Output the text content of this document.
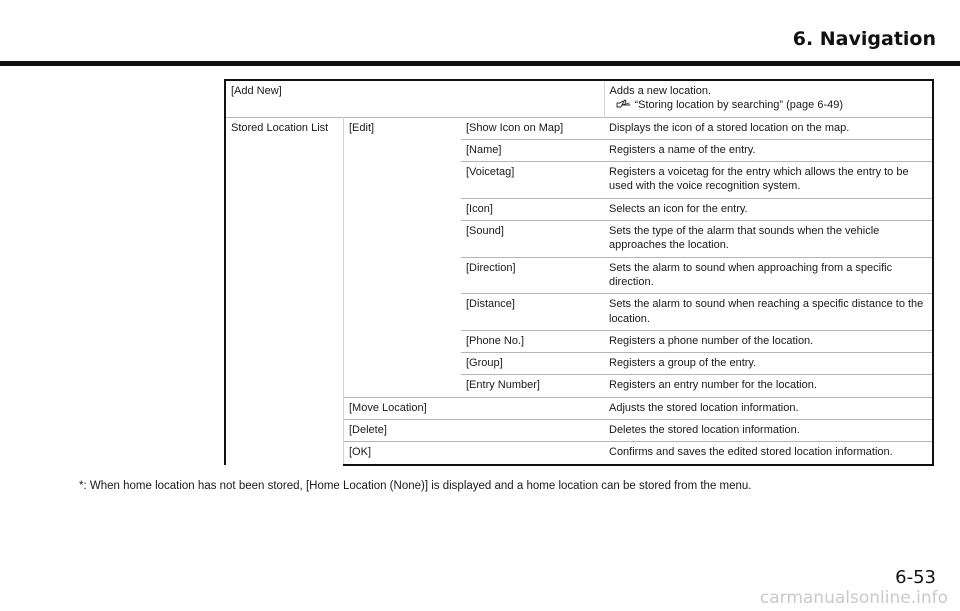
6. Navigation
[Add New]			Adds a new location.
“Storing location by searching” (page 6-49)

Stored Location List	[Edit]	[Show Icon on Map]	Displays the icon of a stored location on the map.
		[Name]	Registers a name of the entry.
		[Voicetag]	Registers a voicetag for the entry which allows the entry to be used with the voice recognition system.
		[Icon]	Selects an icon for the entry.
		[Sound]	Sets the type of the alarm that sounds when the vehicle approaches the location.
		[Direction]	Sets the alarm to sound when approaching from a specific direction.
		[Distance]	Sets the alarm to sound when reaching a specific distance to the location.
		[Phone No.]	Registers a phone number of the location.
		[Group]	Registers a group of the entry.
		[Entry Number]	Registers an entry number for the location.
	[Move Location]		Adjusts the stored location information.
	[Delete]		Deletes the stored location information.
	[OK]		Confirms and saves the edited stored location information.
*: When home location has not been stored, [Home Location (None)] is displayed and a home location can be stored from the menu.
6-53
carmanualsonline.info
